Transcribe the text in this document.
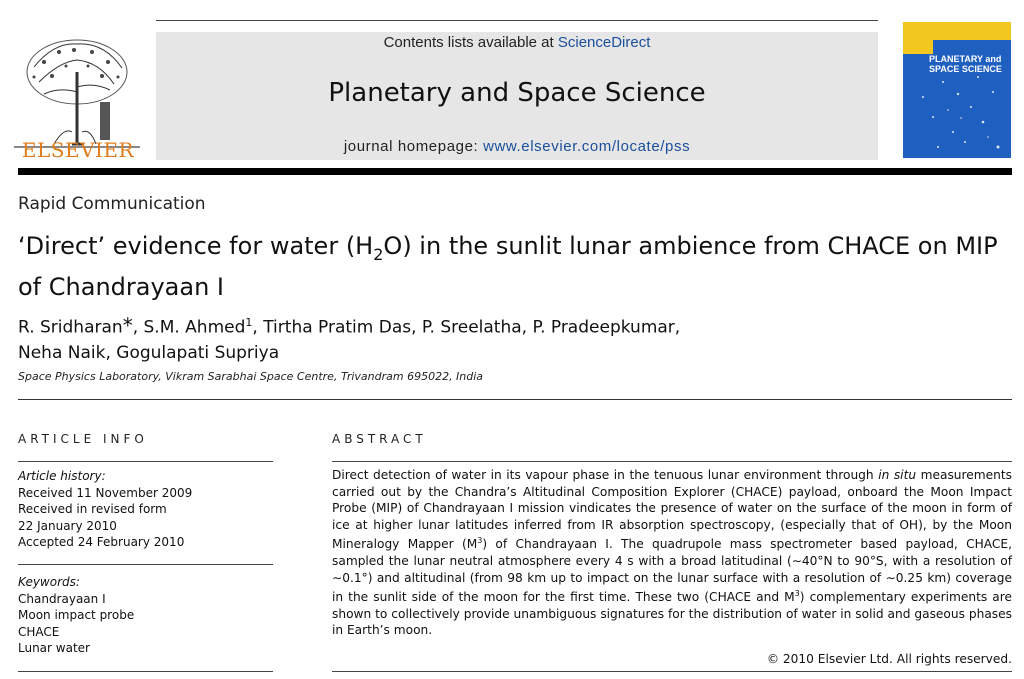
ELSEVIER
Contents lists available at ScienceDirect
Planetary and Space Science
journal homepage: www.elsevier.com/locate/pss
PLANETARY and
SPACE SCIENCE
Rapid Communication
‘Direct’ evidence for water $(H_2O)$ in the sunlit lunar ambience from CHACE on MIP of Chandrayaan I
R. Sridharan*, S.M. Ahmed$^1$, Tirtha Pratim Das, P. Sreelatha, P. Pradeepkumar,
Neha Naik, Gogulapati Supriya
Space Physics Laboratory, Vikram Sarabhai Space Centre, Trivandram 695022, India
ARTICLE INFO
Article history:
Received 11 November 2009
Received in revised form
22 January 2010
Accepted 24 February 2010
Keywords:
Chandrayaan I
Moon impact probe
CHACE
Lunar water
ABSTRACT
Direct detection of water in its vapour phase in the tenuous lunar environment through in situ measurements carried out by the Chandra’s Altitudinal Composition Explorer (CHACE) payload, onboard the Moon Impact Probe (MIP) of Chandrayaan I mission vindicates the presence of water on the surface of the moon in form of ice at higher lunar latitudes inferred from IR absorption spectroscopy, (especially that of OH), by the Moon Mineralogy Mapper $(M^3)$ of Chandrayaan I. The quadrupole mass spectrometer based payload, CHACE, sampled the lunar neutral atmosphere every 4 s with a broad latitudinal (∼40°N to 90°S, with a resolution of ∼0.1°) and altitudinal (from 98 km up to impact on the lunar surface with a resolution of ∼0.25 km) coverage in the sunlit side of the moon for the first time. These two (CHACE and $M^3$) complementary experiments are shown to collectively provide unambiguous signatures for the distribution of water in solid and gaseous phases in Earth’s moon.
© 2010 Elsevier Ltd. All rights reserved.
